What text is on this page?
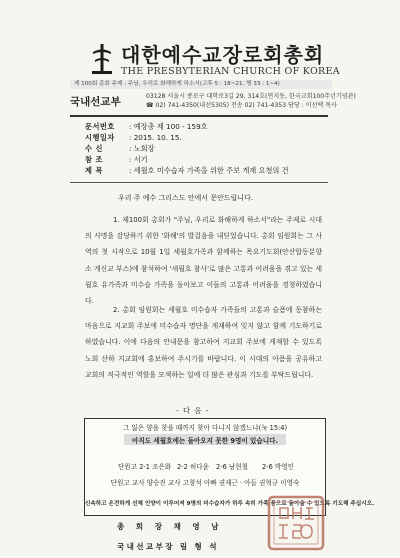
대한예수교장로회총회
THE PRESBYTERIAN CHURCH OF KOREA
제 100회 총회 주제 : 주님, 우리로 화해하게 하소서(고후 5 : 18~21, 행 33 : 1~4)
국내선교부	03128 서울시 종로구 대학로3길 29, 314호(연지동, 한국교회100주년기념관)
☎ 02) 741-4350(내선5305) 전송 02) 741-4353 담당 : 이선택 목사
문서번호 : 예장총 제 100 - 159호
시행일자 : 2015. 10. 15.
수 신	: 노회장
참 조	: 서기
제 목	: 세월호 미수습자 가족을 위한 주보 게재 요청의 건
우리 주 예수 그리스도 안에서 문안드립니다.
1. 제100회 총회가 "주님, 우리로 화해하게 하소서"라는 주제로 시대의 사명을 감당하기 위한 '화해'의 발걸음을 내딛었습니다. 총회 임원회는 그 사역의 첫 시작으로 10월 1일 세월호가족과 함께하는 목요기도회(안산합동분향소 개신교 부스)에 참석하여 '세월호 참사'로 많은 고통과 어려움을 겪고 있는 세월호 유가족과 미수습 가족을 돌아보고 이들의 고통과 어려움을 경청하였습니다.
2. 총회 임원회는 세월호 미수습자 가족들의 고통과 슬픔에 동참하는 마음으로 지교회 주보에 미수습자 명단을 게재하여 잊지 않고 함께 기도하기로 하였습니다. 이에 다음의 안내문을 참고하여 지교회 주보에 게재할 수 있도록 노회 산하 지교회에 홍보하여 주시기를 바랍니다. 이 시대의 아픔을 공유하고 교회의 적극적인 역할을 모색하는 일에 더 많은 관심과 기도를 부탁드립니다.
- 다 음 -
그 잃은 양을 찾을 때까지 찾아 다니지 않겠느냐(눅 15:4)
아직도 세월호에는 돌아오지 못한 9명이 있습니다.
단원고 2-1 조은화 2-2 허다윤 2-6 남현철 2-6 박영인
단원고 교사 양승진 교사 고창석 아빠 권재근 · 아들 권혁규 이영숙
신속하고 온전하게 선체 인양이 이루어져 9명의 미수습자가 하루 속히 가족 품으로 돌아올 수 있도록 기도해 주십시오.
총 회 장 채 영 남
국내선교부장 림 형 석
